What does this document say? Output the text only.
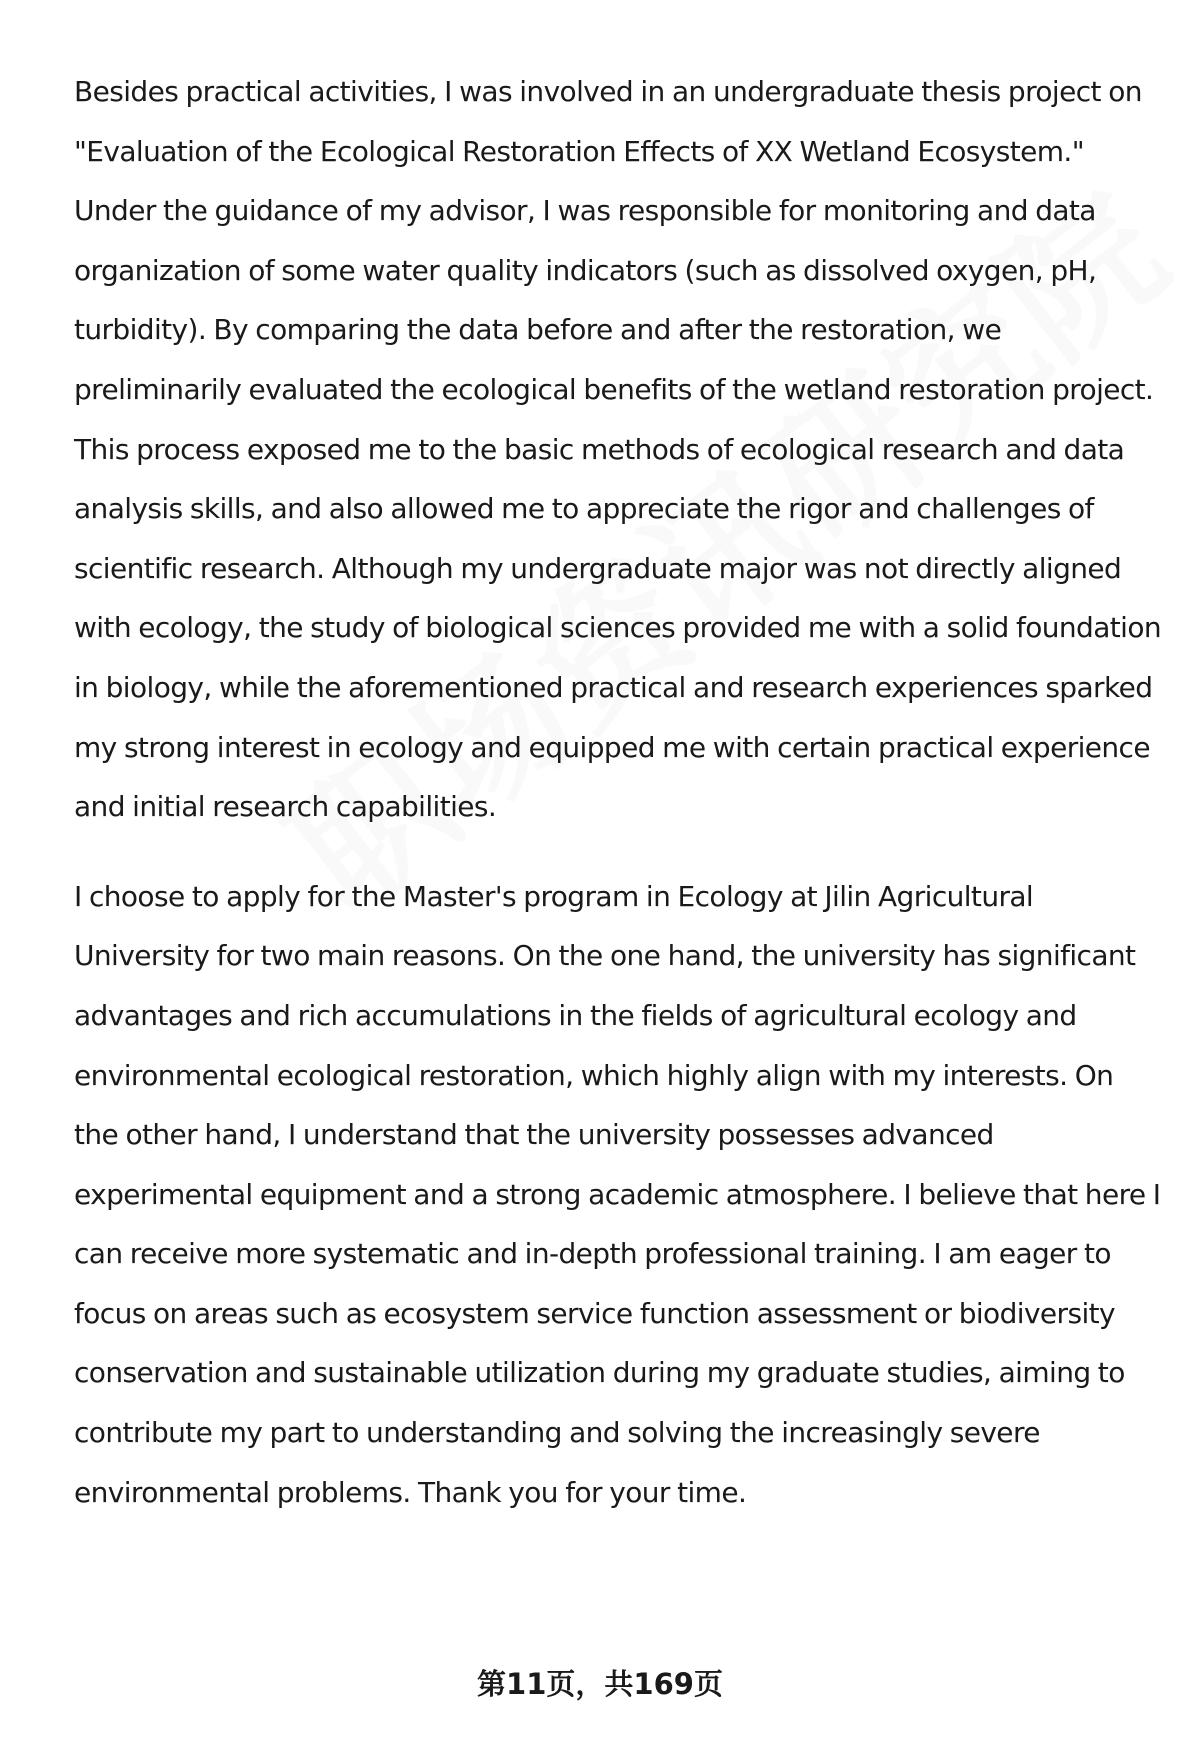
Besides practical activities, I was involved in an undergraduate thesis project on "Evaluation of the Ecological Restoration Effects of XX Wetland Ecosystem." Under the guidance of my advisor, I was responsible for monitoring and data organization of some water quality indicators (such as dissolved oxygen, pH, turbidity). By comparing the data before and after the restoration, we preliminarily evaluated the ecological benefits of the wetland restoration project. This process exposed me to the basic methods of ecological research and data analysis skills, and also allowed me to appreciate the rigor and challenges of scientific research. Although my undergraduate major was not directly aligned with ecology, the study of biological sciences provided me with a solid foundation in biology, while the aforementioned practical and research experiences sparked my strong interest in ecology and equipped me with certain practical experience and initial research capabilities.

I choose to apply for the Master's program in Ecology at Jilin Agricultural University for two main reasons. On the one hand, the university has significant advantages and rich accumulations in the fields of agricultural ecology and environmental ecological restoration, which highly align with my interests. On the other hand, I understand that the university possesses advanced experimental equipment and a strong academic atmosphere. I believe that here I can receive more systematic and in-depth professional training. I am eager to focus on areas such as ecosystem service function assessment or biodiversity conservation and sustainable utilization during my graduate studies, aiming to contribute my part to understanding and solving the increasingly severe environmental problems. Thank you for your time.

第11页，共169页
